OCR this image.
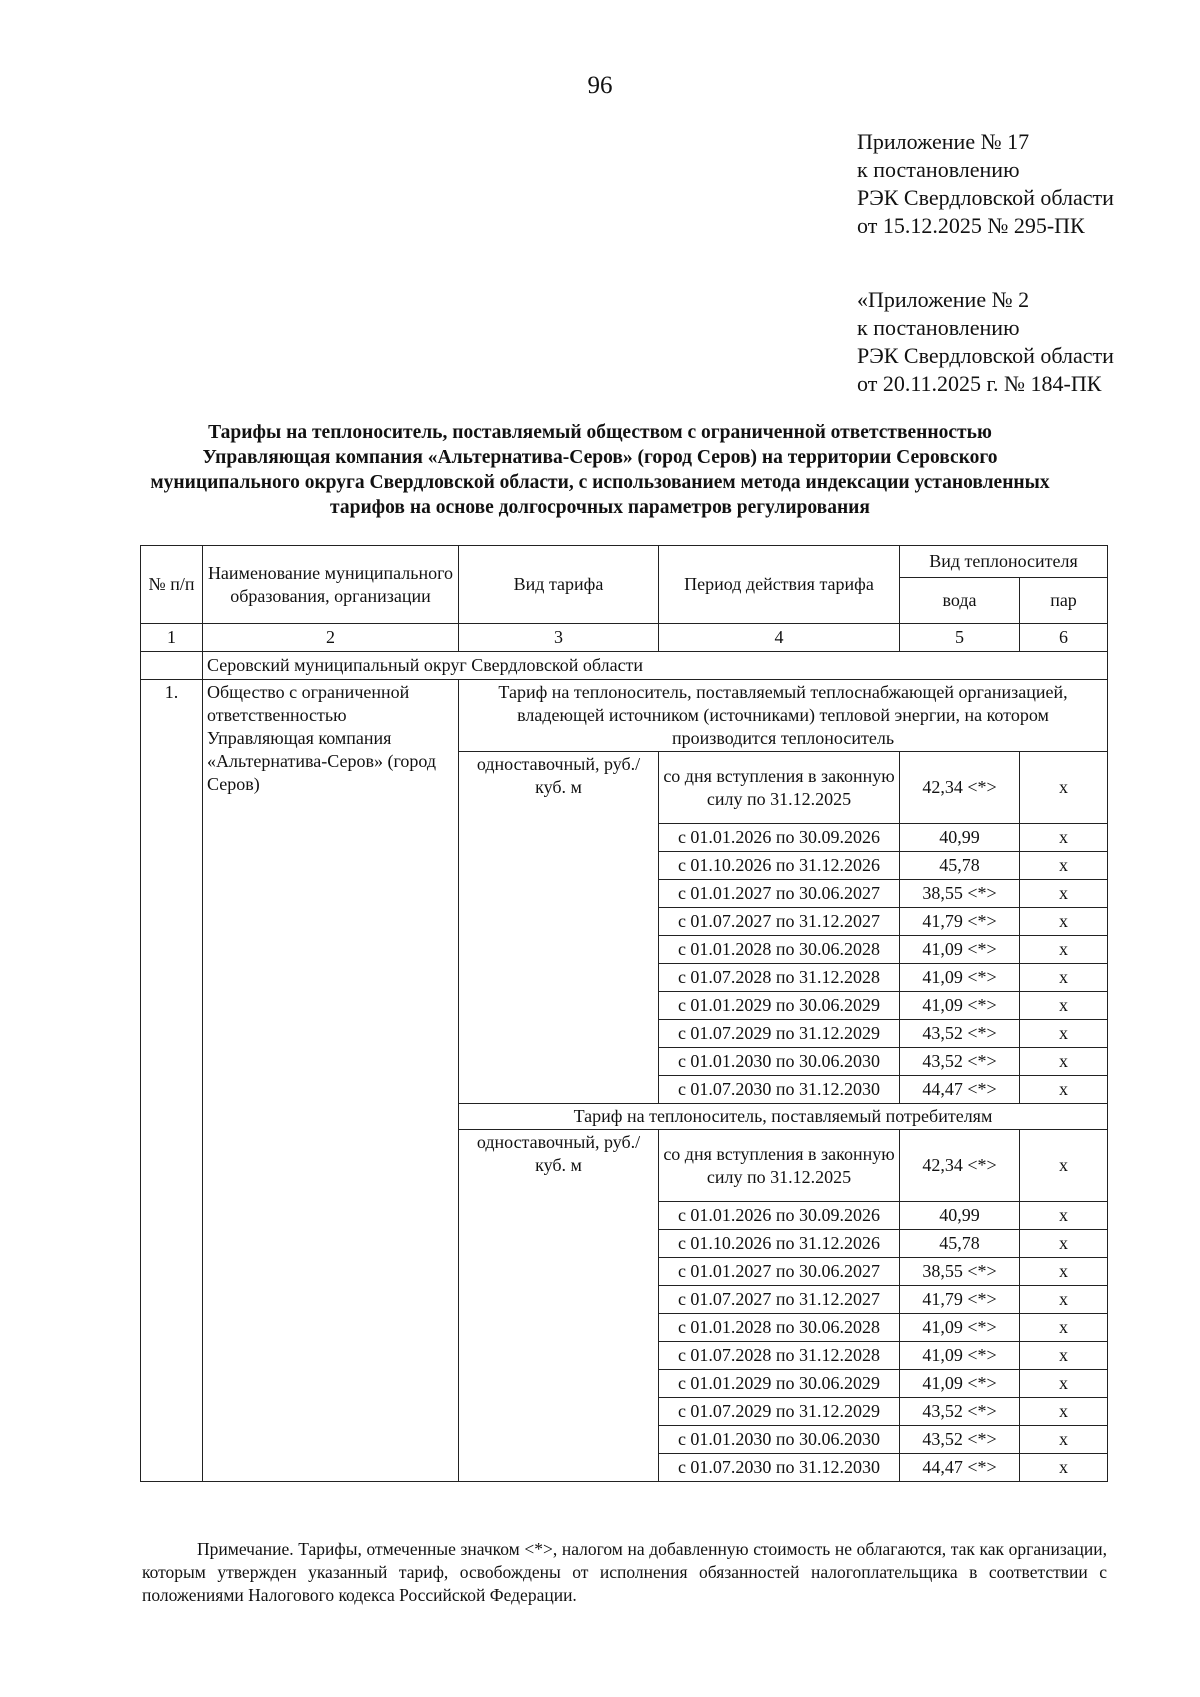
96
Приложение № 17
к постановлению
РЭК Свердловской области
от 15.12.2025 № 295-ПК
«Приложение № 2
к постановлению
РЭК Свердловской области
от 20.11.2025 г. № 184-ПК
Тарифы на теплоноситель, поставляемый обществом с ограниченной ответственностью Управляющая компания «Альтернатива-Серов» (город Серов) на территории Серовского муниципального округа Свердловской области, с использованием метода индексации установленных тарифов на основе долгосрочных параметров регулирования
№ п/п	Наименование муниципального образования, организации	Вид тарифа	Период действия тарифа	Вид теплоносителя	
				вода	пар
1	2	3	4	5	6
	Серовский муниципальный округ Свердловской области				
1.	Общество с ограниченной ответственностью Управляющая компания «Альтернатива-Серов» (город Серов)	Тариф на теплоноситель, поставляемый теплоснабжающей организацией, владеющей источником (источниками) тепловой энергии, на котором производится теплоноситель			
		одноставочный, руб./куб. м	со дня вступления в законную силу по 31.12.2025	42,34 <*>	х
			с 01.01.2026 по 30.09.2026	40,99	х
			с 01.10.2026 по 31.12.2026	45,78	х
			с 01.01.2027 по 30.06.2027	38,55 <*>	х
			с 01.07.2027 по 31.12.2027	41,79 <*>	х
			с 01.01.2028 по 30.06.2028	41,09 <*>	х
			с 01.07.2028 по 31.12.2028	41,09 <*>	х
			с 01.01.2029 по 30.06.2029	41,09 <*>	х
			с 01.07.2029 по 31.12.2029	43,52 <*>	х
			с 01.01.2030 по 30.06.2030	43,52 <*>	х
			с 01.07.2030 по 31.12.2030	44,47 <*>	х
		Тариф на теплоноситель, поставляемый потребителям			
		одноставочный, руб./куб. м	со дня вступления в законную силу по 31.12.2025	42,34 <*>	х
			с 01.01.2026 по 30.09.2026	40,99	х
			с 01.10.2026 по 31.12.2026	45,78	х
			с 01.01.2027 по 30.06.2027	38,55 <*>	х
			с 01.07.2027 по 31.12.2027	41,79 <*>	х
			с 01.01.2028 по 30.06.2028	41,09 <*>	х
			с 01.07.2028 по 31.12.2028	41,09 <*>	х
			с 01.01.2029 по 30.06.2029	41,09 <*>	х
			с 01.07.2029 по 31.12.2029	43,52 <*>	х
			с 01.01.2030 по 30.06.2030	43,52 <*>	х
			с 01.07.2030 по 31.12.2030	44,47 <*>	х
Примечание. Тарифы, отмеченные значком <*>, налогом на добавленную стоимость не облагаются, так как организации, которым утвержден указанный тариф, освобождены от исполнения обязанностей налогоплательщика в соответствии с положениями Налогового кодекса Российской Федерации.
